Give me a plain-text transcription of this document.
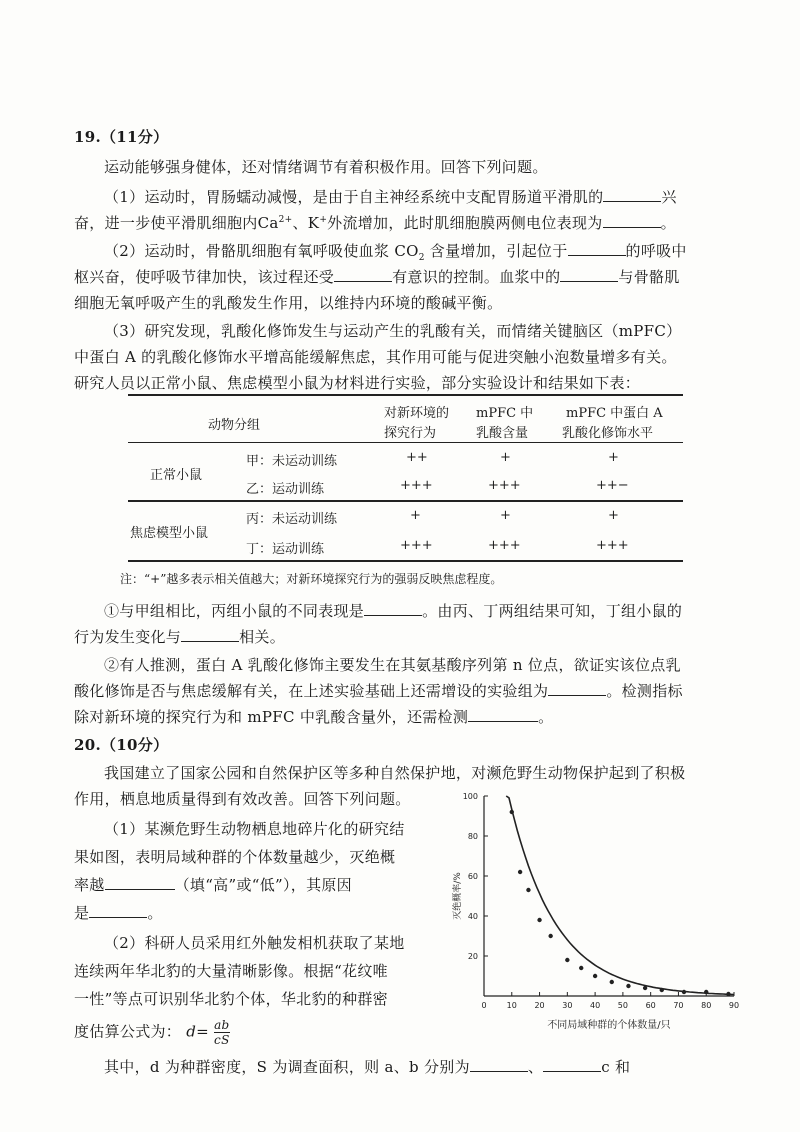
19.（11分）
运动能够强身健体，还对情绪调节有着积极作用。回答下列问题。
（1）运动时，胃肠蠕动减慢，是由于自主神经系统中支配胃肠道平滑肌的	兴
奋，进一步使平滑肌细胞内$Ca^{2+}$、K+外流增加，此时肌细胞膜两侧电位表现为	。
（2）运动时，骨骼肌细胞有氧呼吸使血浆 $CO_2$ 含量增加，引起位于	的呼吸中
枢兴奋，使呼吸节律加快，该过程还受	有意识的控制。血浆中的	与骨骼肌
细胞无氧呼吸产生的乳酸发生作用，以维持内环境的酸碱平衡。
（3）研究发现，乳酸化修饰发生与运动产生的乳酸有关，而情绪关键脑区（mPFC）
中蛋白 A 的乳酸化修饰水平增高能缓解焦虑，其作用可能与促进突触小泡数量增多有关。
研究人员以正常小鼠、焦虑模型小鼠为材料进行实验，部分实验设计和结果如下表：
动物分组
对新环境的
探究行为
mPFC 中
乳酸含量
mPFC 中蛋白 A
乳酸化修饰水平
正常小鼠
甲：未运动训练	++	+	+
乙：运动训练	+++	+++	++−
焦虑模型小鼠
丙：未运动训练	+	+	+
丁：运动训练	+++	+++	+++
注：“+”越多表示相关值越大；对新环境探究行为的强弱反映焦虑程度。
①与甲组相比，丙组小鼠的不同表现是	。由丙、丁两组结果可知，丁组小鼠的
行为发生变化与	相关。
②有人推测，蛋白 A 乳酸化修饰主要发生在其氨基酸序列第 n 位点，欲证实该位点乳
酸化修饰是否与焦虑缓解有关，在上述实验基础上还需增设的实验组为	。检测指标
除对新环境的探究行为和 mPFC 中乳酸含量外，还需检测	。
20.（10分）
我国建立了国家公园和自然保护区等多种自然保护地，对濒危野生动物保护起到了积极
作用，栖息地质量得到有效改善。回答下列问题。
（1）某濒危野生动物栖息地碎片化的研究结
果如图，表明局域种群的个体数量越少，灭绝概
率越	（填“高”或“低”），其原因
是	。
（2）科研人员采用红外触发相机获取了某地
连续两年华北豹的大量清晰影像。根据“花纹唯
一性”等点可识别华北豹个体，华北豹的种群密
度估算公式为： $d= \frac{ab}{cS}$
其中，d 为种群密度，S 为调查面积，则 a、b 分别为	、	c 和
100
80
60
40
20
0	10 20 30 40 50 60 70 80 90
灭绝概率/%
不同局域种群的个体数量/只
